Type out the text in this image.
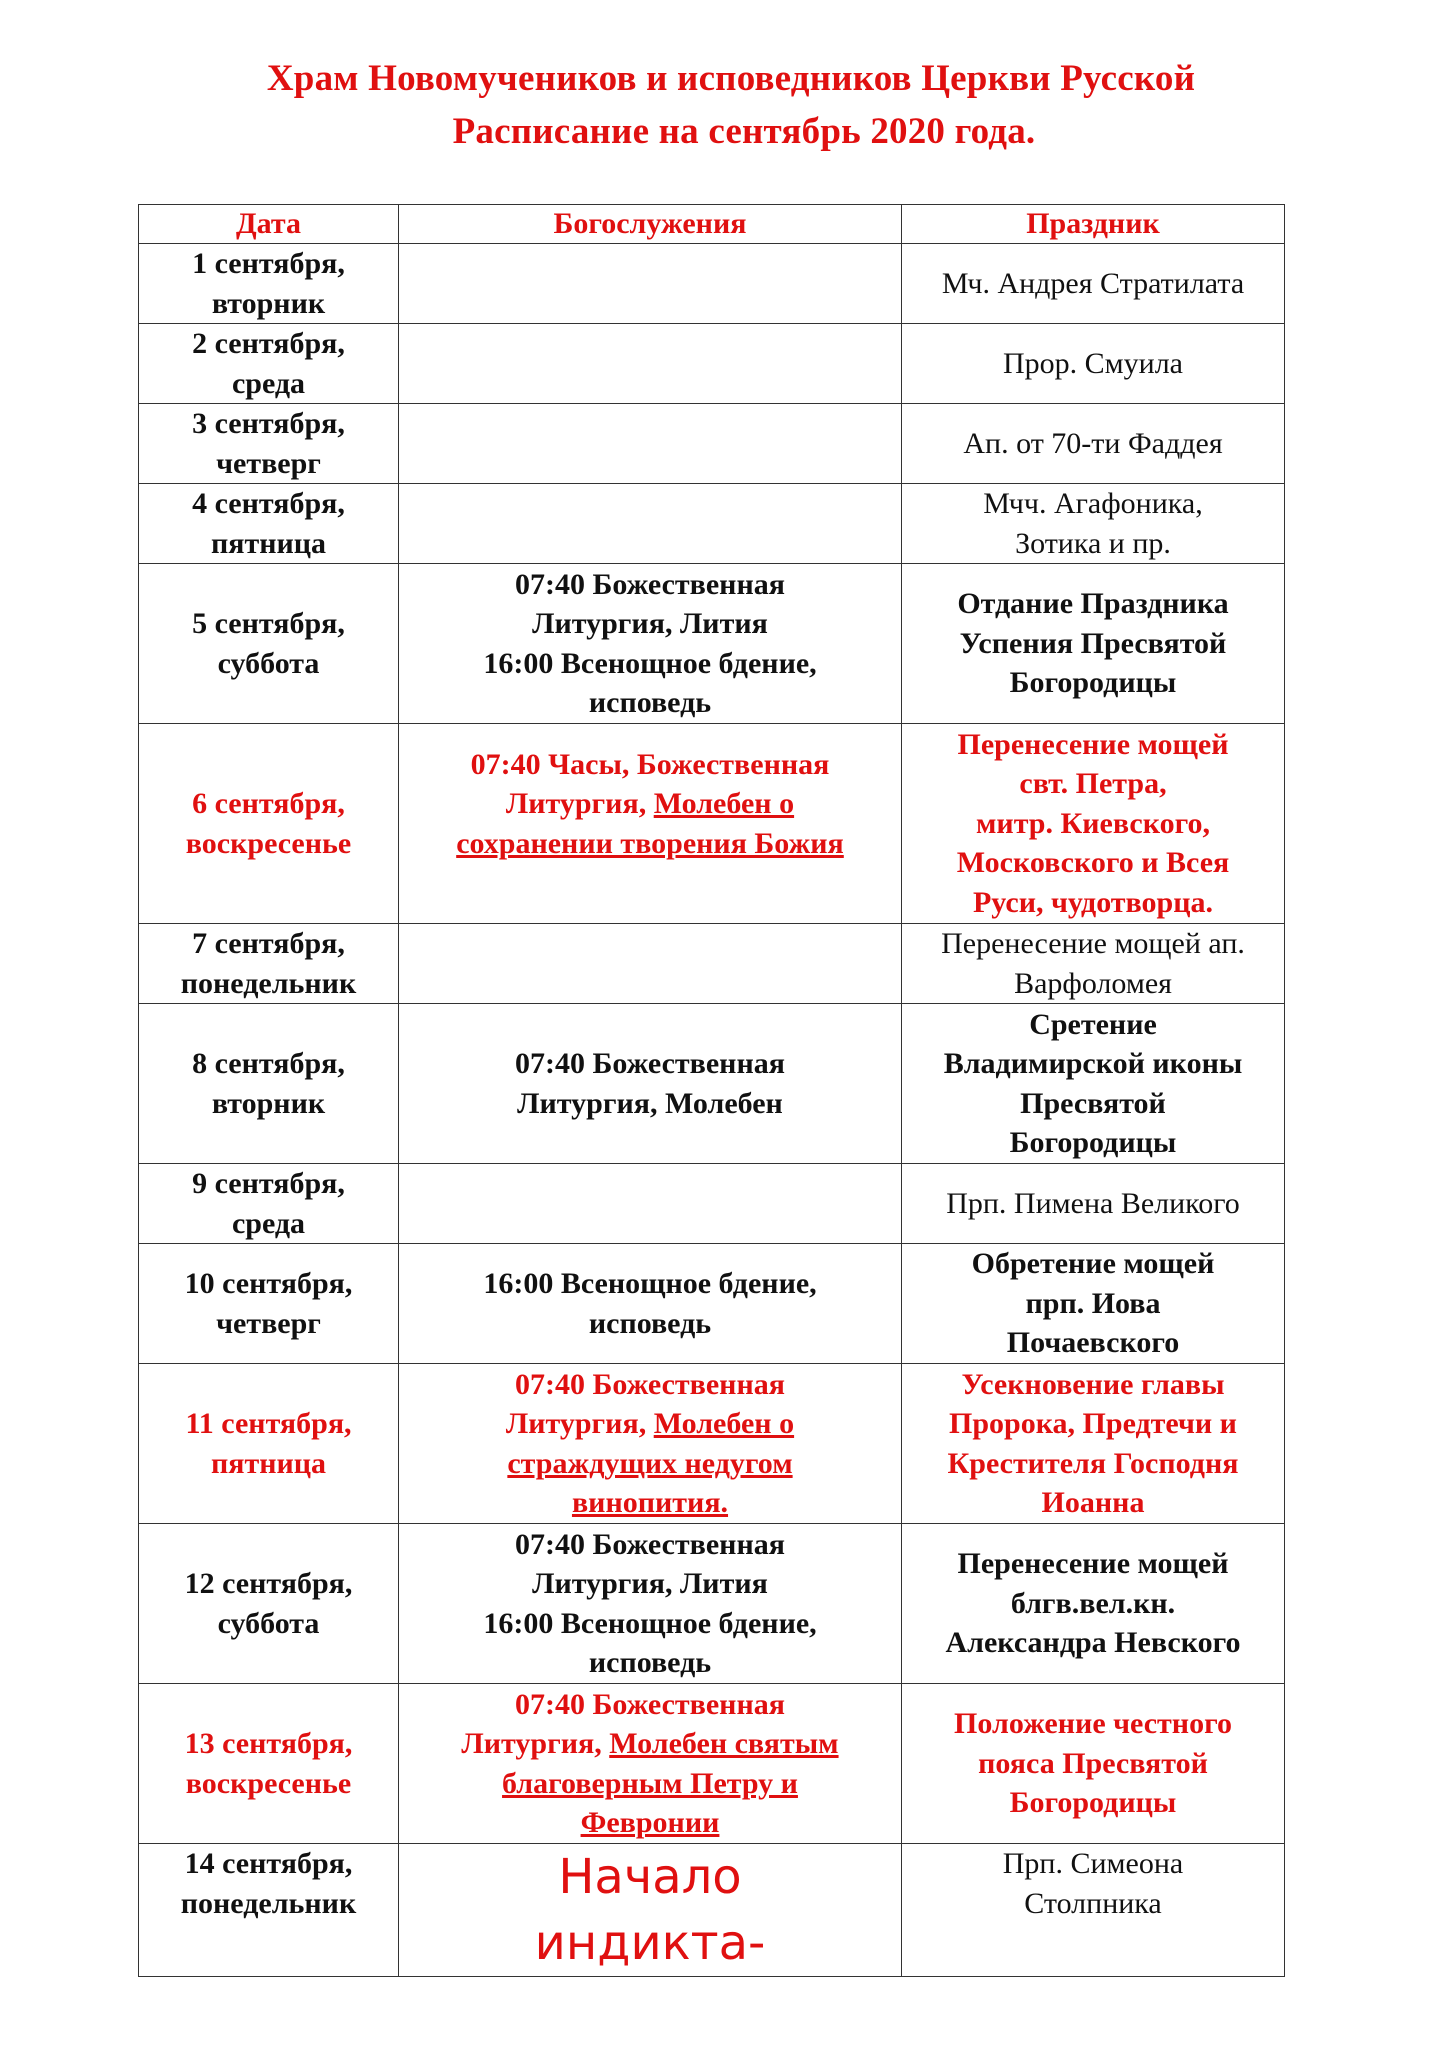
Храм Новомучеников и исповедников Церкви Русской
Расписание на сентябрь 2020 года.
Дата	Богослужения	Праздник
1 сентября,
вторник		Мч. Андрея Стратилата
2 сентября,
среда		Прор. Смуила
3 сентября,
четверг		Ап. от 70-ти Фаддея
4 сентября,
пятница		Мчч. Агафоника,
Зотика и пр.
5 сентября,
суббота	07:40 Божественная
Литургия, Лития
16:00 Всенощное бдение,
исповедь	Отдание Праздника
Успения Пресвятой
Богородицы
6 сентября,
воскресенье	07:40 Часы, Божественная
Литургия, Молебен о
сохранении творения Божия	Перенесение мощей
свт. Петра,
митр. Киевского,
Московского и Всея
Руси, чудотворца.
7 сентября,
понедельник		Перенесение мощей ап.
Варфоломея
8 сентября,
вторник	07:40 Божественная
Литургия, Молебен	Сретение
Владимирской иконы
Пресвятой
Богородицы
9 сентября,
среда		Прп. Пимена Великого
10 сентября,
четверг	16:00 Всенощное бдение,
исповедь	Обретение мощей
прп. Иова
Почаевского
11 сентября,
пятница	07:40 Божественная
Литургия, Молебен о
страждущих недугом
винопития.	Усекновение главы
Пророка, Предтечи и
Крестителя Господня
Иоанна
12 сентября,
суббота	07:40 Божественная
Литургия, Лития
16:00 Всенощное бдение,
исповедь	Перенесение мощей
блгв.вел.кн.
Александра Невского
13 сентября,
воскресенье	07:40 Божественная
Литургия, Молебен святым
благоверным Петру и
Февронии	Положение честного
пояса Пресвятой
Богородицы
14 сентября,
понедельник	Начало
индикта-	Прп. Симеона
Столпника
